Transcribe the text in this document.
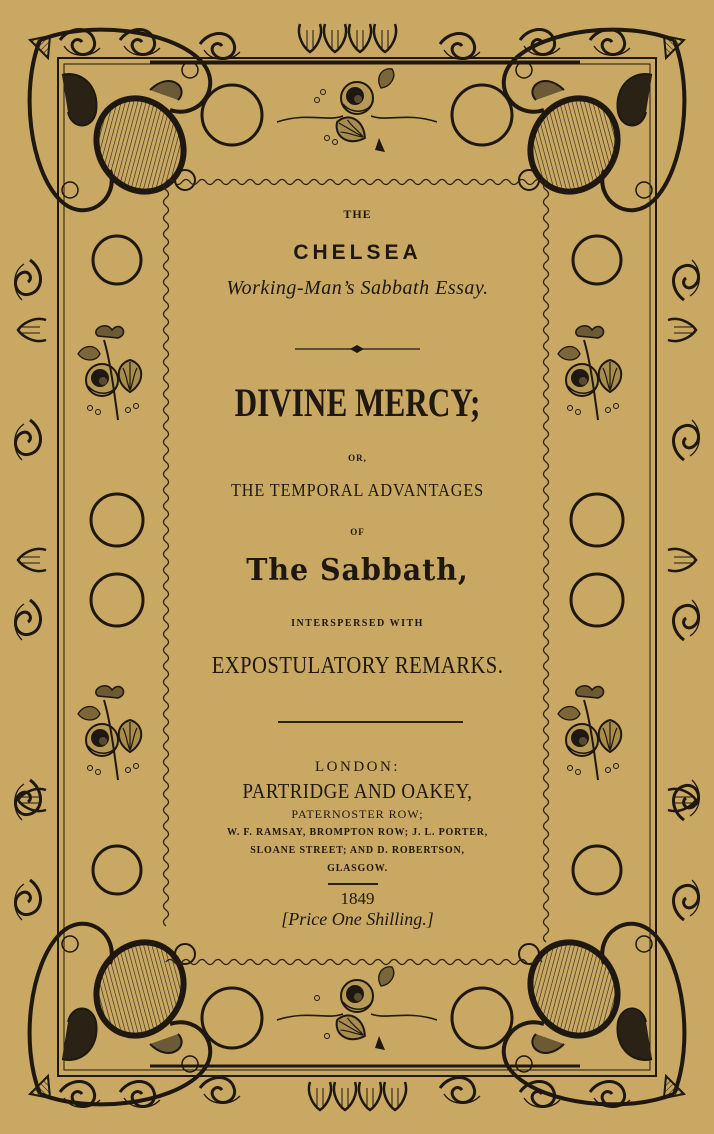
THE
CHELSEA
Working-Man’s Sabbath Essay.
DIVINE MERCY;
OR,
THE TEMPORAL ADVANTAGES
OF
The Sabbath,
INTERSPERSED WITH
EXPOSTULATORY REMARKS.
LONDON:
PARTRIDGE AND OAKEY,
PATERNOSTER ROW;
W. F. RAMSAY, BROMPTON ROW; J. L. PORTER,
SLOANE STREET; AND D. ROBERTSON,
GLASGOW.
1849
[Price One Shilling.]
